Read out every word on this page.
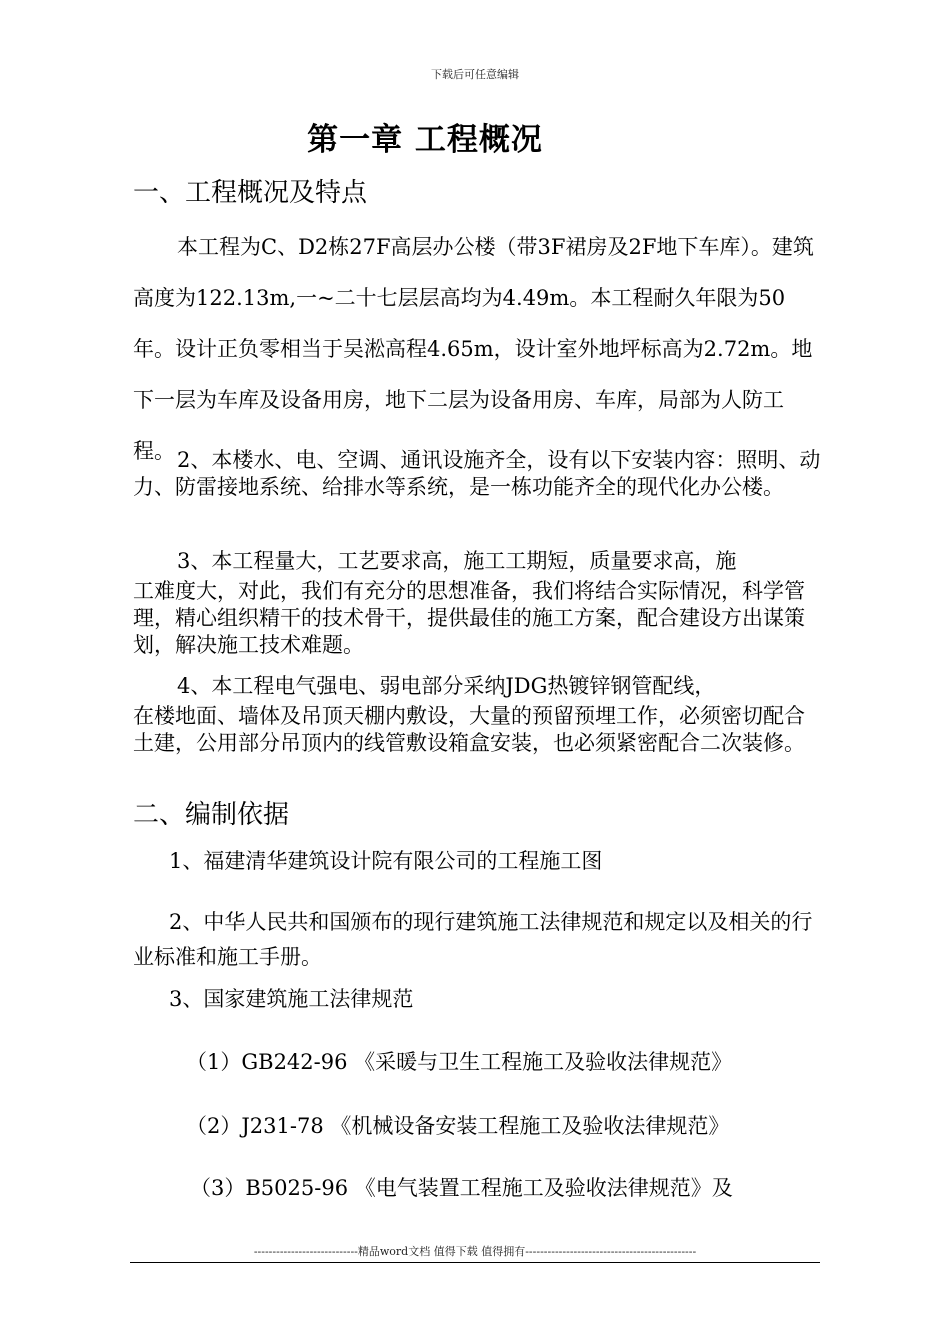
下载后可任意编辑
第一章 工程概况
一、工程概况及特点

本工程为C、D2栋27F高层办公楼（带3F裙房及2F地下车库）。建筑高度为122.13m,一~二十七层层高均为4.49m。本工程耐久年限为50年。设计正负零相当于吴淞高程4.65m，设计室外地坪标高为2.72m。地下一层为车库及设备用房，地下二层为设备用房、车库，局部为人防工程。 2、本楼水、电、空调、通讯设施齐全，设有以下安装内容：照明、动力、防雷接地系统、给排水等系统，是一栋功能齐全的现代化办公楼。

3、本工程量大，工艺要求高，施工工期短，质量要求高，施

工难度大，对此，我们有充分的思想准备，我们将结合实际情况，科学管理，精心组织精干的技术骨干，提供最佳的施工方案，配合建设方出谋策划，解决施工技术难题。

4、本工程电气强电、弱电部分采纳JDG热镀锌钢管配线，

在楼地面、墙体及吊顶天棚内敷设，大量的预留预埋工作，必须密切配合土建，公用部分吊顶内的线管敷设箱盒安装，也必须紧密配合二次装修。

二、编制依据

1、福建清华建筑设计院有限公司的工程施工图

2、中华人民共和国颁布的现行建筑施工法律规范和规定以及相关的行业标准和施工手册。

3、国家建筑施工法律规范

（1）GB242-96 《采暖与卫生工程施工及验收法律规范》

（2）J231-78 《机械设备安装工程施工及验收法律规范》

（3）B5025-96 《电气装置工程施工及验收法律规范》及

----------------------------精品word文档 值得下载 值得拥有----------------------------------------------
